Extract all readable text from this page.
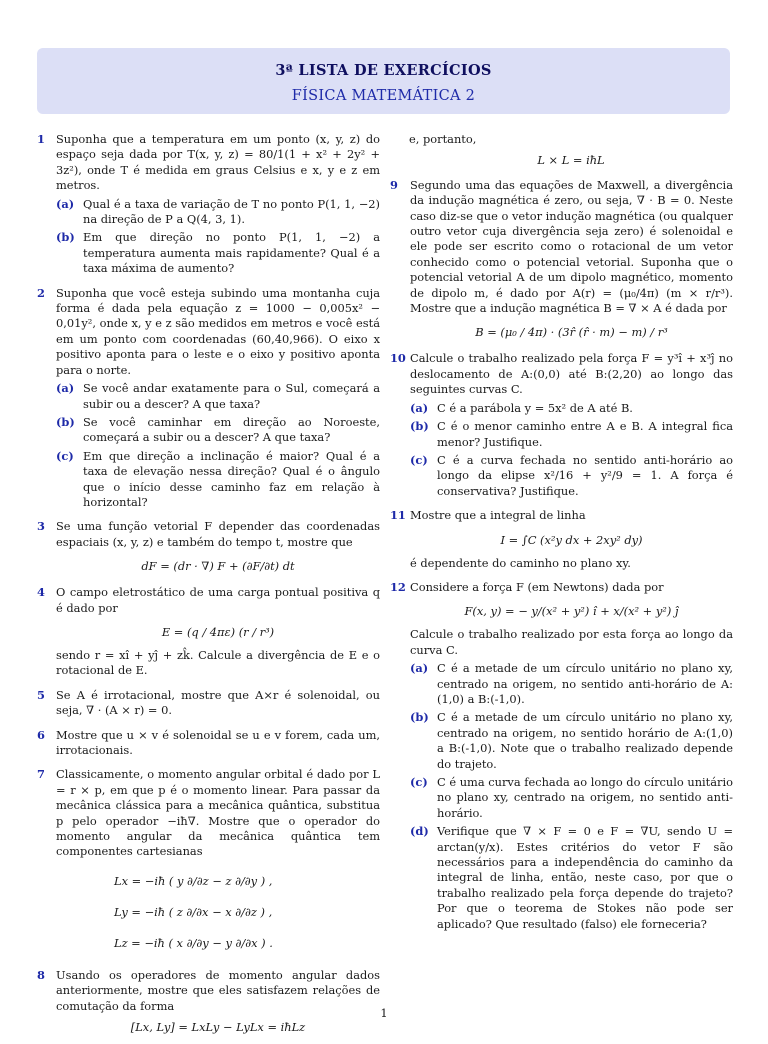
3ª LISTA DE EXERCÍCIOS
FÍSICA MATEMÁTICA 2
1 Suponha que a temperatura em um ponto (x, y, z) do espaço seja dada por T(x, y, z) = 80/1(1 + x² + 2y² + 3z²), onde T é medida em graus Celsius e x, y e z em metros.

(a) Qual é a taxa de variação de T no ponto P(1, 1, −2) na direção de P a Q(4, 3, 1).

(b) Em que direção no ponto P(1, 1, −2) a temperatura aumenta mais rapidamente? Qual é a taxa máxima de aumento?

2 Suponha que você esteja subindo uma montanha cuja forma é dada pela equação z = 1000 − 0,005x² − 0,01y², onde x, y e z são medidos em metros e você está em um ponto com coordenadas (60,40,966). O eixo x positivo aponta para o leste e o eixo y positivo aponta para o norte.

(a) Se você andar exatamente para o Sul, começará a subir ou a descer? A que taxa?

(b) Se você caminhar em direção ao Noroeste, começará a subir ou a descer? A que taxa?

(c) Em que direção a inclinação é maior? Qual é a taxa de elevação nessa direção? Qual é o ângulo que o início desse caminho faz em relação à horizontal?

3 Se uma função vetorial F depender das coordenadas espaciais (x, y, z) e também do tempo t, mostre que

dF = (dr · ∇) F + (∂F/∂t) dt
4 O campo eletrostático de uma carga pontual positiva q é dado por

E = (q / 4πε) (r / r³)

sendo r = xî + yĵ + zk̂. Calcule a divergência de E e o rotacional de E.

5 Se A é irrotacional, mostre que A×r é solenoidal, ou seja, ∇ · (A × r) = 0.

6 Mostre que u × v é solenoidal se u e v forem, cada um, irrotacionais.

7 Classicamente, o momento angular orbital é dado por L = r × p, em que p é o momento linear. Para passar da mecânica clássica para a mecânica quântica, substitua p pelo operador −iħ∇. Mostre que o operador do momento angular da mecânica quântica tem componentes cartesianas

Lx = −iħ ( y ∂/∂z − z ∂/∂y ) ,
Ly = −iħ ( z ∂/∂x − x ∂/∂z ) ,
Lz = −iħ ( x ∂/∂y − y ∂/∂x ) .
8 Usando os operadores de momento angular dados anteriormente, mostre que eles satisfazem relações de comutação da forma

[Lx, Ly] = LxLy − LyLx = iħLz

e, portanto,

L × L = iħL
9 Segundo uma das equações de Maxwell, a divergência da indução magnética é zero, ou seja, ∇ · B = 0. Neste caso diz-se que o vetor indução magnética (ou qualquer outro vetor cuja divergência seja zero) é solenoidal e ele pode ser escrito como o rotacional de um vetor conhecido como o potencial vetorial. Suponha que o potencial vetorial A de um dipolo magnético, momento de dipolo m, é dado por A(r) = (μ₀/4π) (m × r/r³). Mostre que a indução magnética B = ∇ × A é dada por

B = (μ₀ / 4π) · (3r̂ (r̂ · m) − m) / r³
10 Calcule o trabalho realizado pela força F = y³î + x³ĵ no deslocamento de A:(0,0) até B:(2,20) ao longo das seguintes curvas C.

(a) C é a parábola y = 5x² de A até B.

(b) C é o menor caminho entre A e B. A integral fica menor? Justifique.

(c) C é a curva fechada no sentido anti-horário ao longo da elipse x²/16 + y²/9 = 1. A força é conservativa? Justifique.

11 Mostre que a integral de linha

I = ∫C (x²y dx + 2xy² dy)

é dependente do caminho no plano xy.

12 Considere a força F (em Newtons) dada por

F(x, y) = − y/(x² + y²) î + x/(x² + y²) ĵ

Calcule o trabalho realizado por esta força ao longo da curva C.

(a) C é a metade de um círculo unitário no plano xy, centrado na origem, no sentido anti-horário de A:(1,0) a B:(-1,0).

(b) C é a metade de um círculo unitário no plano xy, centrado na origem, no sentido horário de A:(1,0) a B:(-1,0). Note que o trabalho realizado depende do trajeto.

(c) C é uma curva fechada ao longo do círculo unitário no plano xy, centrado na origem, no sentido anti-horário.

(d) Verifique que ∇ × F = 0 e F = ∇U, sendo U = arctan(y/x). Estes critérios do vetor F são necessários para a independência do caminho da integral de linha, então, neste caso, por que o trabalho realizado pela força depende do trajeto? Por que o teorema de Stokes não pode ser aplicado? Que resultado (falso) ele forneceria?

1
